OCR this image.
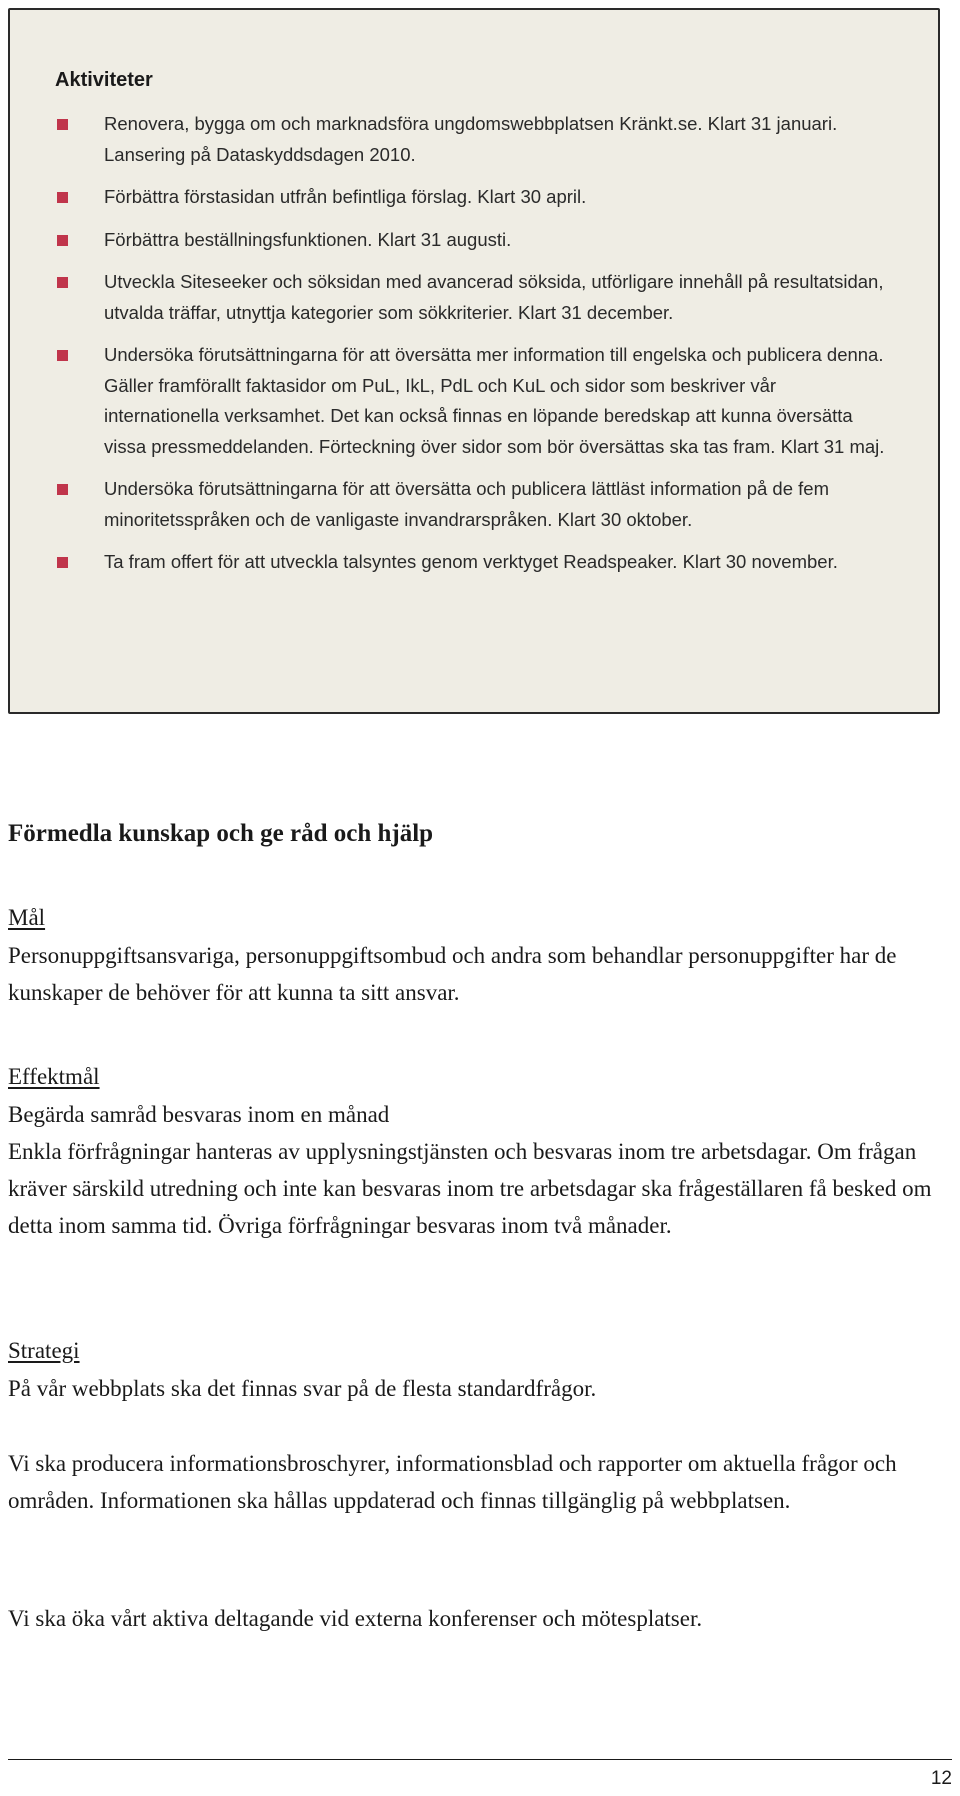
Aktiviteter
Renovera, bygga om och marknadsföra ungdomswebbplatsen Kränkt.se. Klart 31 januari. Lansering på Dataskyddsdagen 2010.
Förbättra förstasidan utfrån befintliga förslag. Klart 30 april.
Förbättra beställningsfunktionen. Klart 31 augusti.
Utveckla Siteseeker och söksidan med avancerad söksida, utförligare innehåll på resultatsidan, utvalda träffar, utnyttja kategorier som sökkriterier. Klart 31 december.
Undersöka förutsättningarna för att översätta mer information till engelska och publicera denna. Gäller framförallt faktasidor om PuL, IkL, PdL och KuL och sidor som beskriver vår internationella verksamhet. Det kan också finnas en löpande beredskap att kunna översätta vissa pressmeddelanden. Förteckning över sidor som bör översättas ska tas fram. Klart 31 maj.
Undersöka förutsättningarna för att översätta och publicera lättläst information på de fem minoritetsspråken och de vanligaste invandrarspråken. Klart 30 oktober.
Ta fram offert för att utveckla talsyntes genom verktyget Readspeaker. Klart 30 november.
Förmedla kunskap och ge råd och hjälp

Mål

Personuppgiftsansvariga, personuppgiftsombud och andra som behandlar personuppgifter har de kunskaper de behöver för att kunna ta sitt ansvar.

Effektmål

Begärda samråd besvaras inom en månad

Enkla förfrågningar hanteras av upplysningstjänsten och besvaras inom tre arbetsdagar. Om frågan kräver särskild utredning och inte kan besvaras inom tre arbetsdagar ska frågeställaren få besked om detta inom samma tid. Övriga förfrågningar besvaras inom två månader.

Strategi

På vår webbplats ska det finnas svar på de flesta standardfrågor.

Vi ska producera informationsbroschyrer, informationsblad och rapporter om aktuella frågor och områden. Informationen ska hållas uppdaterad och finnas tillgänglig på webbplatsen.

Vi ska öka vårt aktiva deltagande vid externa konferenser och mötesplatser.

12
